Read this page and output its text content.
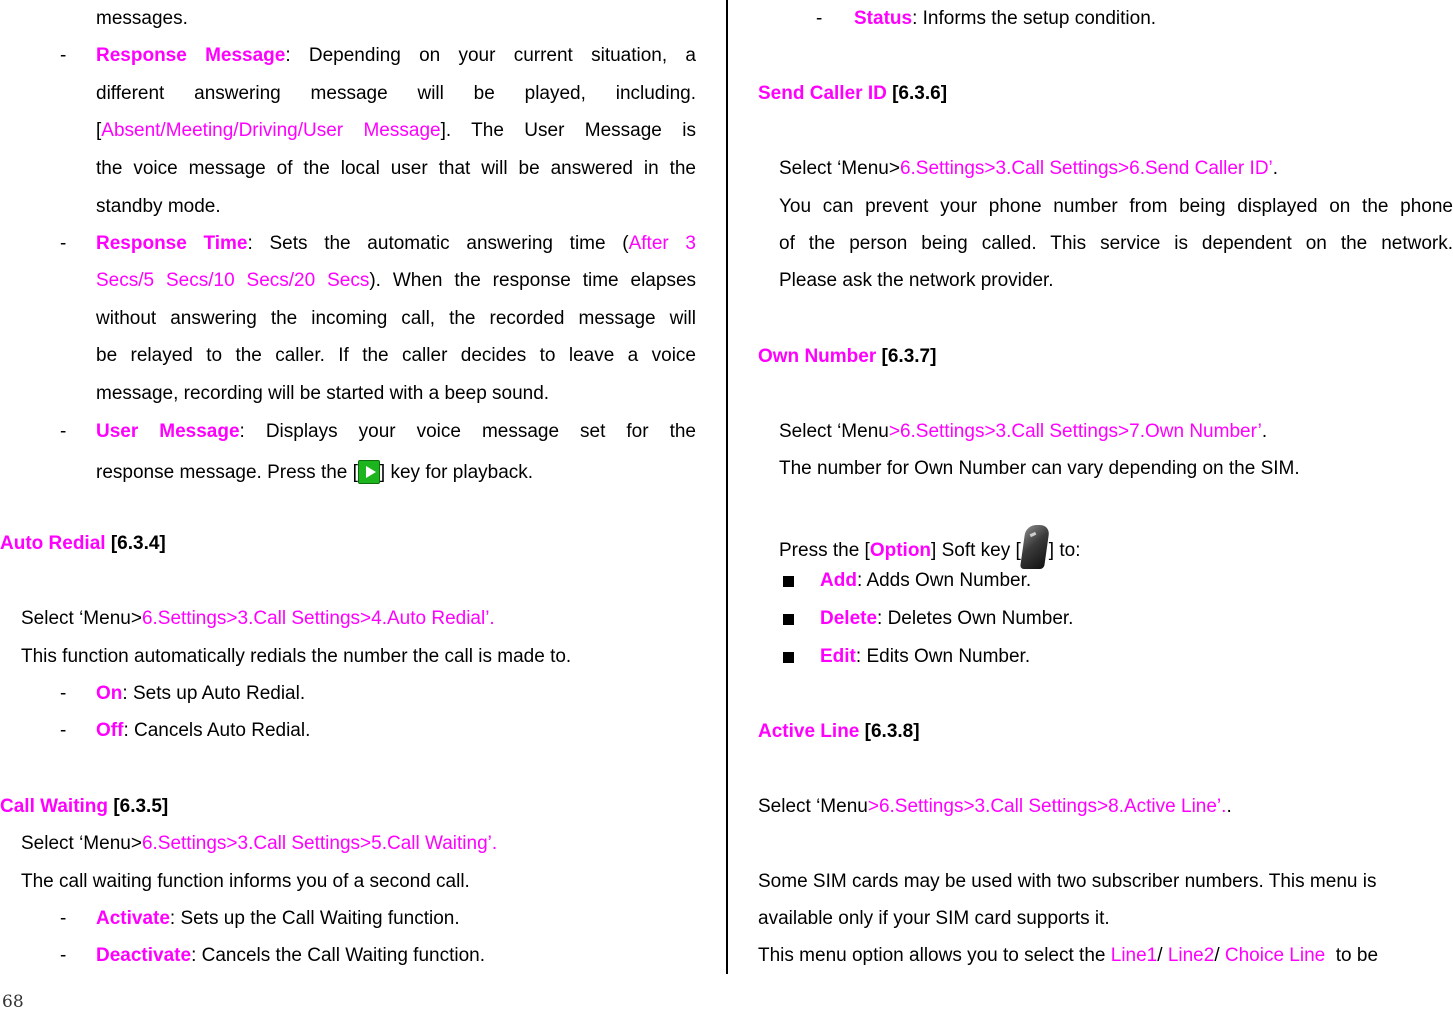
messages.
- Response Message: Depending on your current situation, a
different answering message will be played, including.
[Absent/Meeting/Driving/User Message]. The User Message is
the voice message of the local user that will be answered in the
standby mode.
- Response Time: Sets the automatic answering time (After 3
Secs/5 Secs/10 Secs/20 Secs). When the response time elapses
without answering the incoming call, the recorded message will
be relayed to the caller. If the caller decides to leave a voice
message, recording will be started with a beep sound.
- User Message: Displays your voice message set for the
response message. Press the [ ] key for playback.
Auto Redial [6.3.4]
Select ‘Menu>6.Settings>3.Call Settings>4.Auto Redial’.
This function automatically redials the number the call is made to.
- On: Sets up Auto Redial.
- Off: Cancels Auto Redial.
Call Waiting [6.3.5]
Select ‘Menu>6.Settings>3.Call Settings>5.Call Waiting’.
The call waiting function informs you of a second call.
- Activate: Sets up the Call Waiting function.
- Deactivate: Cancels the Call Waiting function.
- Status: Informs the setup condition.
Send Caller ID [6.3.6]
Select ‘Menu>6.Settings>3.Call Settings>6.Send Caller ID’.
You can prevent your phone number from being displayed on the phone
of the person being called. This service is dependent on the network.
Please ask the network provider.
Own Number [6.3.7]
Select ‘Menu>6.Settings>3.Call Settings>7.Own Number’.
The number for Own Number can vary depending on the SIM.
Press the [Option] Soft key [ ] to:
Add: Adds Own Number.
Delete: Deletes Own Number.
Edit: Edits Own Number.
Active Line [6.3.8]
Select ‘Menu>6.Settings>3.Call Settings>8.Active Line’..
Some SIM cards may be used with two subscriber numbers. This menu is
available only if your SIM card supports it.
This menu option allows you to select the Line1/ Line2/ Choice Line  to be
68
